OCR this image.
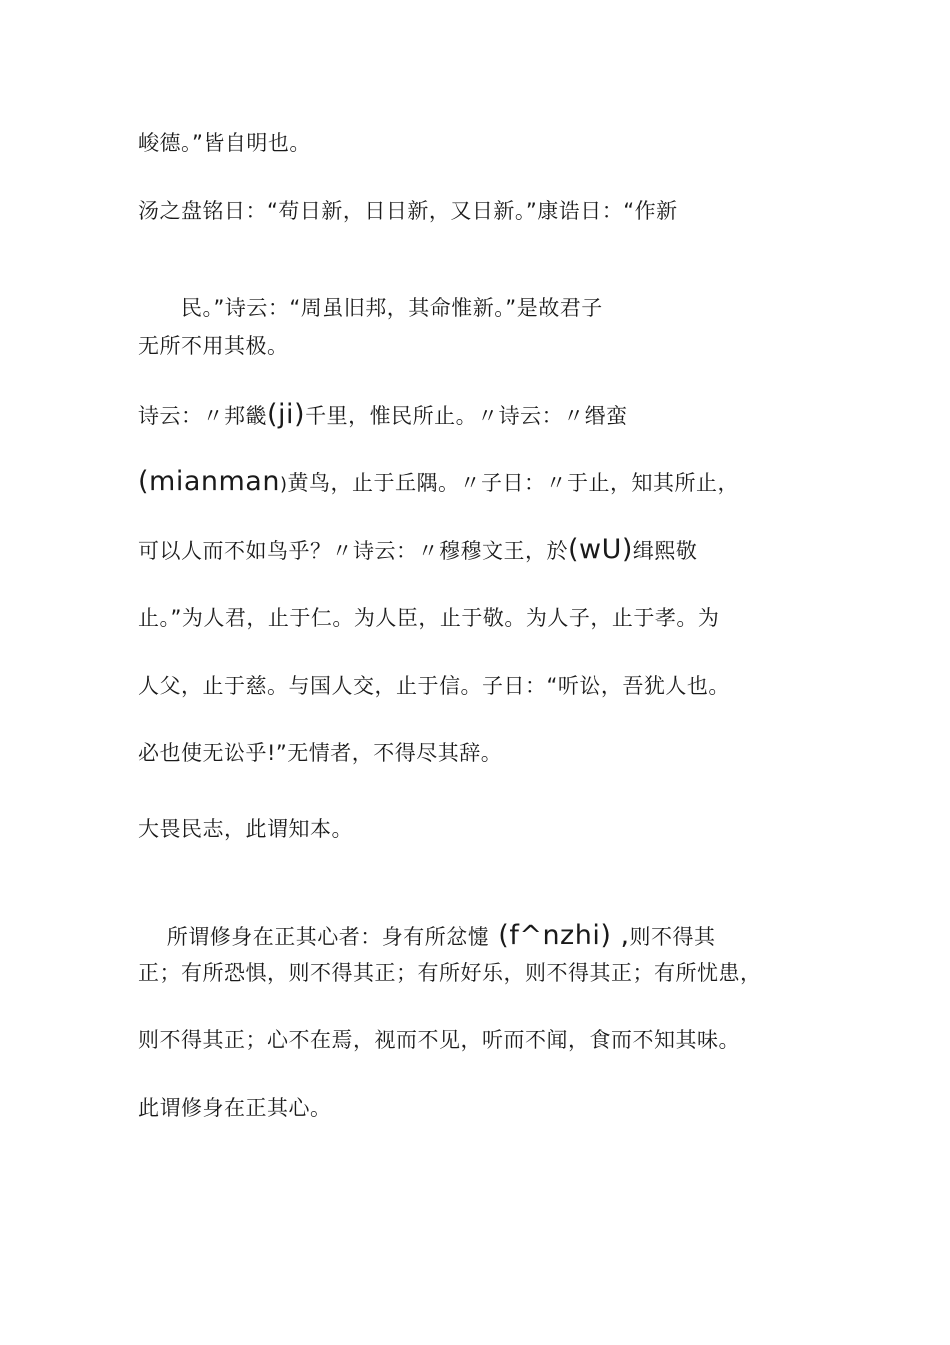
峻德。”皆自明也。
汤之盘铭日：“苟日新，日日新，又日新。”康诰日：“作新

民。”诗云：“周虽旧邦，其命惟新。”是故君子

无所不用其极。
诗云：〃邦畿(ji)千里，惟民所止。〃诗云：〃缗蛮
(mianman)黄鸟，止于丘隅。〃子日：〃于止，知其所止，
可以人而不如鸟乎？〃诗云：〃穆穆文王，於(wU)缉熙敬
止。”为人君，止于仁。为人臣，止于敬。为人子，止于孝。为
人父，止于慈。与国人交，止于信。子日：“听讼，吾犹人也。
必也使无讼乎!”无情者，不得尽其辞。
大畏民志，此谓知本。

所谓修身在正其心者：身有所忿懥 (f^nzhi) ,则不得其

正；有所恐惧，则不得其正；有所好乐，则不得其正；有所忧患，
则不得其正；心不在焉，视而不见，听而不闻，食而不知其味。
此谓修身在正其心。
